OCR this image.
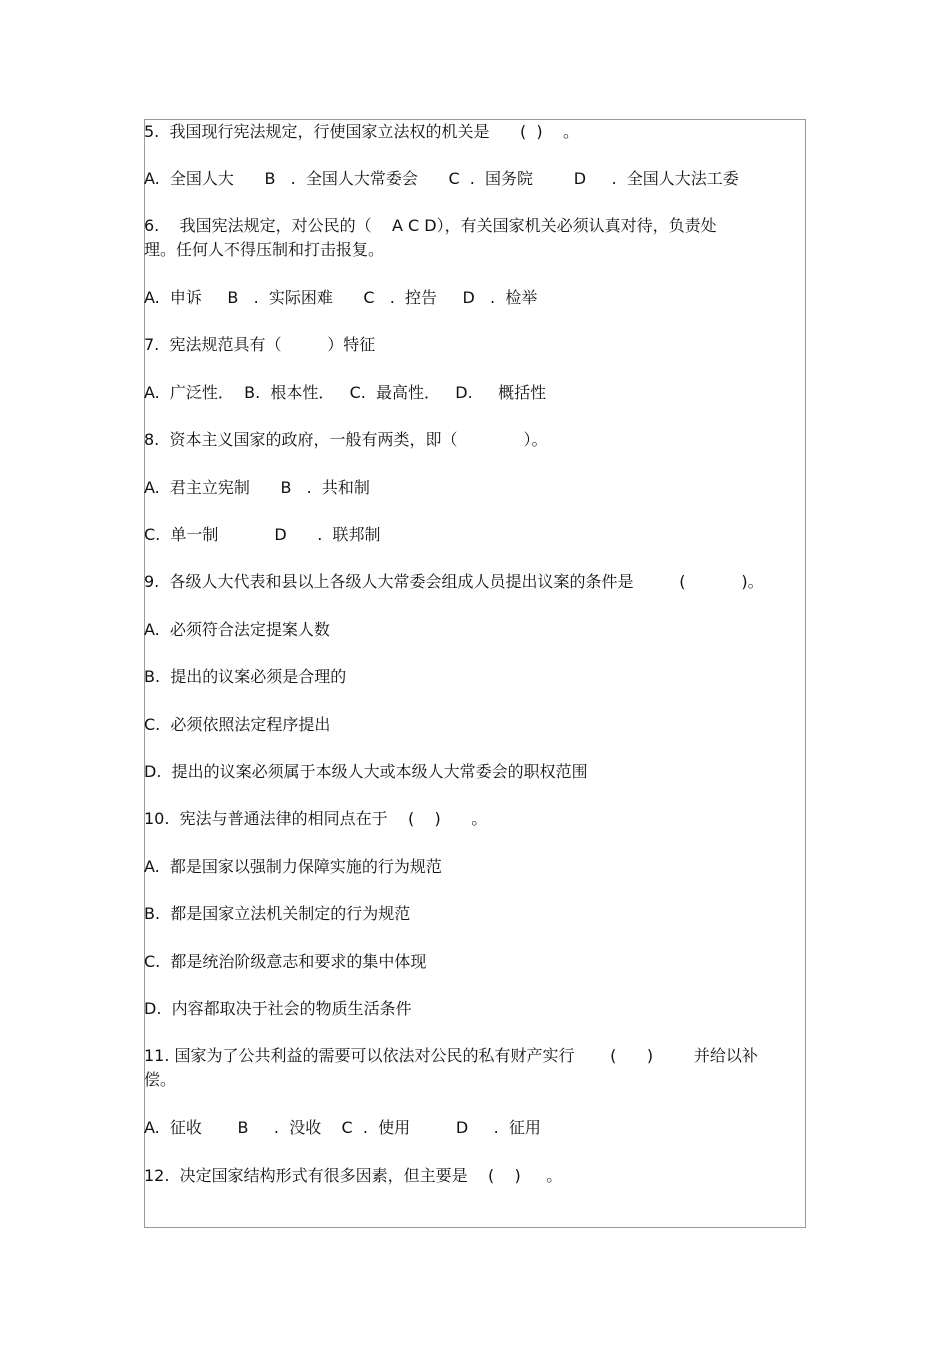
5.  我国现行宪法规定，行使国家立法权的机关是      (  )    。

A.  全国人大      B   .  全国人大常委会      C  .  国务院        D     .  全国人大法工委

6.    我国宪法规定，对公民的（    A C D），有关国家机关必须认真对待，负责处
理。任何人不得压制和打击报复。

A.  申诉     B   .  实际困难      C   .  控告     D   .  检举

7.  宪法规范具有（         ）特征

A.  广泛性．  B.  根本性．   C.  最高性．   D.     概括性

8.  资本主义国家的政府，一般有两类，即（             ）。

A.  君主立宪制      B   .  共和制

C.  单一制           D      .  联邦制

9.  各级人大代表和县以上各级人大常委会组成人员提出议案的条件是         (           )。

A.  必须符合法定提案人数

B.  提出的议案必须是合理的

C.  必须依照法定程序提出

D.  提出的议案必须属于本级人大或本级人大常委会的职权范围

10.  宪法与普通法律的相同点在于    (    )      。

A.  都是国家以强制力保障实施的行为规范

B.  都是国家立法机关制定的行为规范

C.  都是统治阶级意志和要求的集中体现

D.  内容都取决于社会的物质生活条件

11. 国家为了公共利益的需要可以依法对公民的私有财产实行       (      )        并给以补
偿。

A.  征收       B     .  没收    C  .  使用         D     .  征用

12.  决定国家结构形式有很多因素，但主要是    (    )     。
